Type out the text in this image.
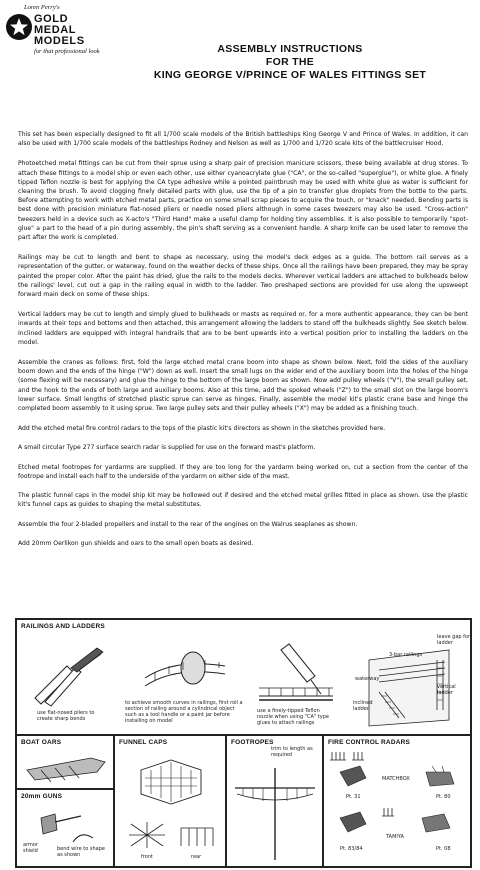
Loren Perry's
GOLD
MEDAL
MODELS
for that professional look	ASSEMBLY INSTRUCTIONS
FOR THE
KING GEORGE V/PRINCE OF WALES FITTINGS SET

This set has been especially designed to fit all 1/700 scale models of the British battleships King George V and Prince of Wales. In addition, it can also be used with 1/700 scale models of the battleships Rodney and Nelson as well as 1/700 and 1/720 scale kits of the battlecruiser Hood.

Photoetched metal fittings can be cut from their sprue using a sharp pair of precision manicure scissors, these being available at drug stores. To attach these fittings to a model ship or even each other, use either cyanoacrylate glue ("CA", or the so-called "superglue"), or white glue. A finely tipped Teflon nozzle is best for applying the CA type adhesive while a pointed paintbrush may be used with white glue as water is sufficient for cleaning the brush. To avoid clogging finely detailed parts with glue, use the tip of a pin to transfer glue droplets from the bottle to the parts. Before attempting to work with etched metal parts, practice on some small scrap pieces to acquire the touch, or "knack" needed. Bending parts is best done with precision miniature flat-nosed pliers or needle nosed pliers although in some cases tweezers may also be used. "Cross-action" tweezers held in a device such as X-acto's "Third Hand" make a useful clamp for holding tiny assemblies. It is also possible to temporarily "spot-glue" a part to the head of a pin during assembly, the pin's shaft serving as a convenient handle. A sharp knife can be used later to remove the part after the work is completed.

Railings may be cut to length and bent to shape as necessary, using the model's deck edges as a guide. The bottom rail serves as a representation of the gutter, or waterway, found on the weather decks of these ships. Once all the railings have been prepared, they may be spray painted the proper color. After the paint has dried, glue the rails to the models decks. Wherever vertical ladders are attached to bulkheads below the railings' level, cut out a gap in the railing equal in width to the ladder. Two preshaped sections are provided for use along the upsweept forward main deck on some of these ships.

Vertical ladders may be cut to length and simply glued to bulkheads or masts as required or, for a more authentic appearance, they can be bent inwards at their tops and bottoms and then attached, this arrangement allowing the ladders to stand off the bulkheads slightly. See sketch below. Inclined ladders are equipped with integral handrails that are to be bent upwards into a vertical position prior to installing the ladders on the model.

Assemble the cranes as follows: first, fold the large etched metal crane boom into shape as shown below. Next, fold the sides of the auxiliary boom down and the ends of the hinge ("W") down as well. Insert the small lugs on the wider end of the auxiliary boom into the holes of the hinge (some flexing will be necessary) and glue the hinge to the bottom of the large boom as shown. Now add pulley wheels ("V"), the small pulley set, and the hook to the ends of both large and auxiliary booms. Also at this time, add the spoked wheels ("Z") to the small slot on the large boom's lower surface. Small lengths of stretched plastic sprue can serve as hinges. Finally, assemble the model kit's plastic crane base and hinge the completed boom assembly to it using sprue. Two large pulley sets and their pulley wheels ("X") may be added as a finishing touch.

Add the etched metal fire control radars to the tops of the plastic kit's directors as shown in the sketches provided here.

A small circular Type 277 surface search radar is supplied for use on the forward mast's platform.

Etched metal footropes for yardarms are supplied. If they are too long for the yardarm being worked on, cut a section from the center of the footrope and install each half to the underside of the yardarm on either side of the mast.

The plastic funnel caps in the model ship kit may be hollowed out if desired and the etched metal grilles fitted in place as shown. Use the plastic kit's funnel caps as guides to shaping the metal substitutes.

Assemble the four 2-bladed propellers and install to the rear of the engines on the Walrus seaplanes as shown.

Add 20mm Oerlikon gun shields and oars to the small open boats as desired.

RAILINGS AND LADDERS
use flat-nosed pliers to create sharp bends
to achieve smooth curves in railings, first roll a section of railing around a cylindrical object such as a tool handle or a paint jar before installing on model
use a finely-tipped Teflon nozzle when using "CA" type glues to attach railings
leave gap for ladder
3-bar railings
waterway
vertical ladder
inclined ladder
BOAT OARS
20mm GUNS
armor shield	bend wire to shape as shown
FUNNEL CAPS
front	rear
FOOTROPES
trim to length as required
FIRE CONTROL RADARS
MATCHBOX
Pt. 31	Pt. 80
TAMIYA
Pt. 83/84	Pt. 08
